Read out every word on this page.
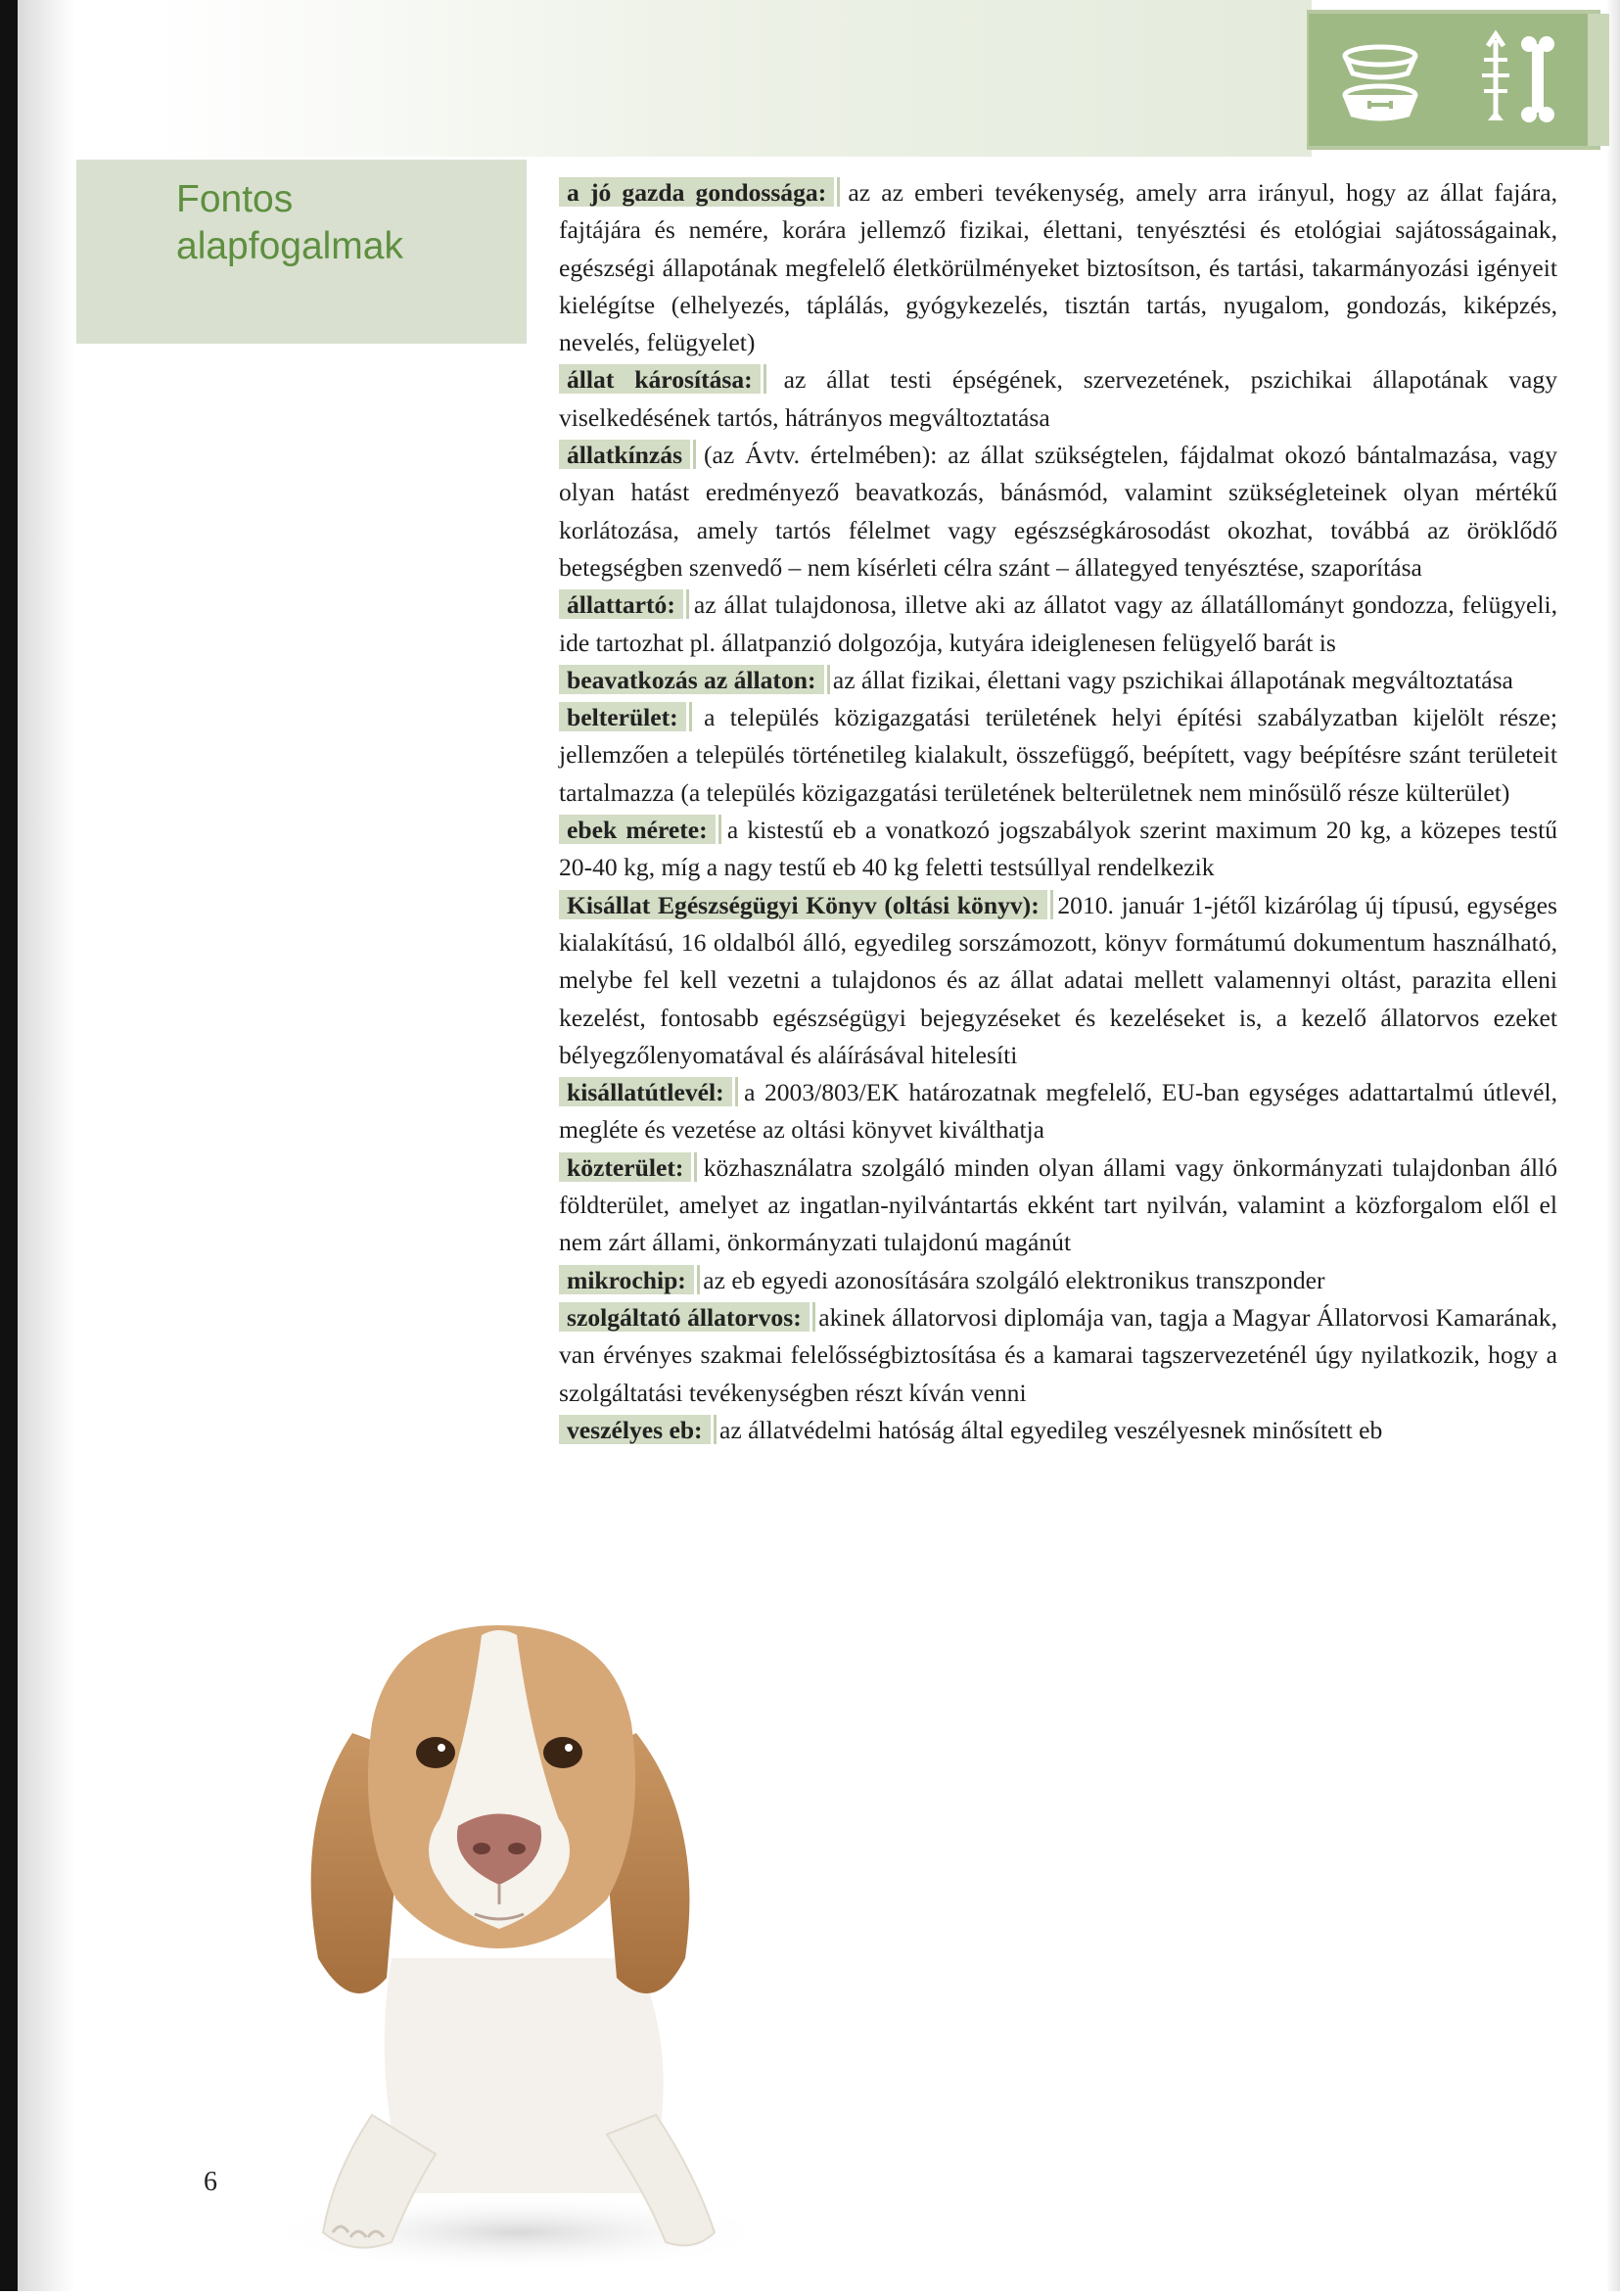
Fontos
alapfogalmak

a jó gazda gondossága: az az emberi tevékenység, amely arra irányul, hogy az állat fajára, fajtájára és nemére, korára jellemző fizikai, élettani, tenyésztési és etológiai sajátosságainak, egészségi állapotának megfelelő életkörülményeket biztosítson, és tartási, takarmányozási igényeit kielégítse (elhelyezés, táplálás, gyógykezelés, tisztán tartás, nyugalom, gondozás, kiképzés, nevelés, felügyelet)

állat károsítása: az állat testi épségének, szervezetének, pszichikai állapotának vagy viselkedésének tartós, hátrányos megváltoztatása

állatkínzás (az Ávtv. értelmében): az állat szükségtelen, fájdalmat okozó bántalmazása, vagy olyan hatást eredményező beavatkozás, bánásmód, valamint szükségleteinek olyan mértékű korlátozása, amely tartós félelmet vagy egészségkárosodást okozhat, továbbá az öröklődő betegségben szenvedő – nem kísérleti célra szánt – állategyed tenyésztése, szaporítása

állattartó: az állat tulajdonosa, illetve aki az állatot vagy az állatállományt gondozza, felügyeli, ide tartozhat pl. állatpanzió dolgozója, kutyára ideiglenesen felügyelő barát is

beavatkozás az állaton: az állat fizikai, élettani vagy pszichikai állapotának megváltoztatása

belterület: a település közigazgatási területének helyi építési szabályzatban kijelölt része; jellemzően a település történetileg kialakult, összefüggő, beépített, vagy beépítésre szánt területeit tartalmazza (a település közigazgatási területének belterületnek nem minősülő része külterület)

ebek mérete: a kistestű eb a vonatkozó jogszabályok szerint maximum 20 kg, a közepes testű 20-40 kg, míg a nagy testű eb 40 kg feletti testsúllyal rendelkezik

Kisállat Egészségügyi Könyv (oltási könyv): 2010. január 1-jétől kizárólag új típusú, egységes kialakítású, 16 oldalból álló, egyedileg sorszámozott, könyv formátumú dokumentum használható, melybe fel kell vezetni a tulajdonos és az állat adatai mellett valamennyi oltást, parazita elleni kezelést, fontosabb egészségügyi bejegyzéseket és kezeléseket is, a kezelő állatorvos ezeket bélyegzőlenyomatával és aláírásával hitelesíti

kisállatútlevél: a 2003/803/EK határozatnak megfelelő, EU-ban egységes adattartalmú útlevél, megléte és vezetése az oltási könyvet kiválthatja

közterület: közhasználatra szolgáló minden olyan állami vagy önkormányzati tulajdonban álló földterület, amelyet az ingatlan-nyilvántartás ekként tart nyilván, valamint a közforgalom elől el nem zárt állami, önkormányzati tulajdonú magánút

mikrochip: az eb egyedi azonosítására szolgáló elektronikus transzponder

szolgáltató állatorvos: akinek állatorvosi diplomája van, tagja a Magyar Állatorvosi Kamarának, van érvényes szakmai felelősségbiztosítása és a kamarai tagszervezeténél úgy nyilatkozik, hogy a szolgáltatási tevékenységben részt kíván venni

veszélyes eb: az állatvédelmi hatóság által egyedileg veszélyesnek minősített eb

6
